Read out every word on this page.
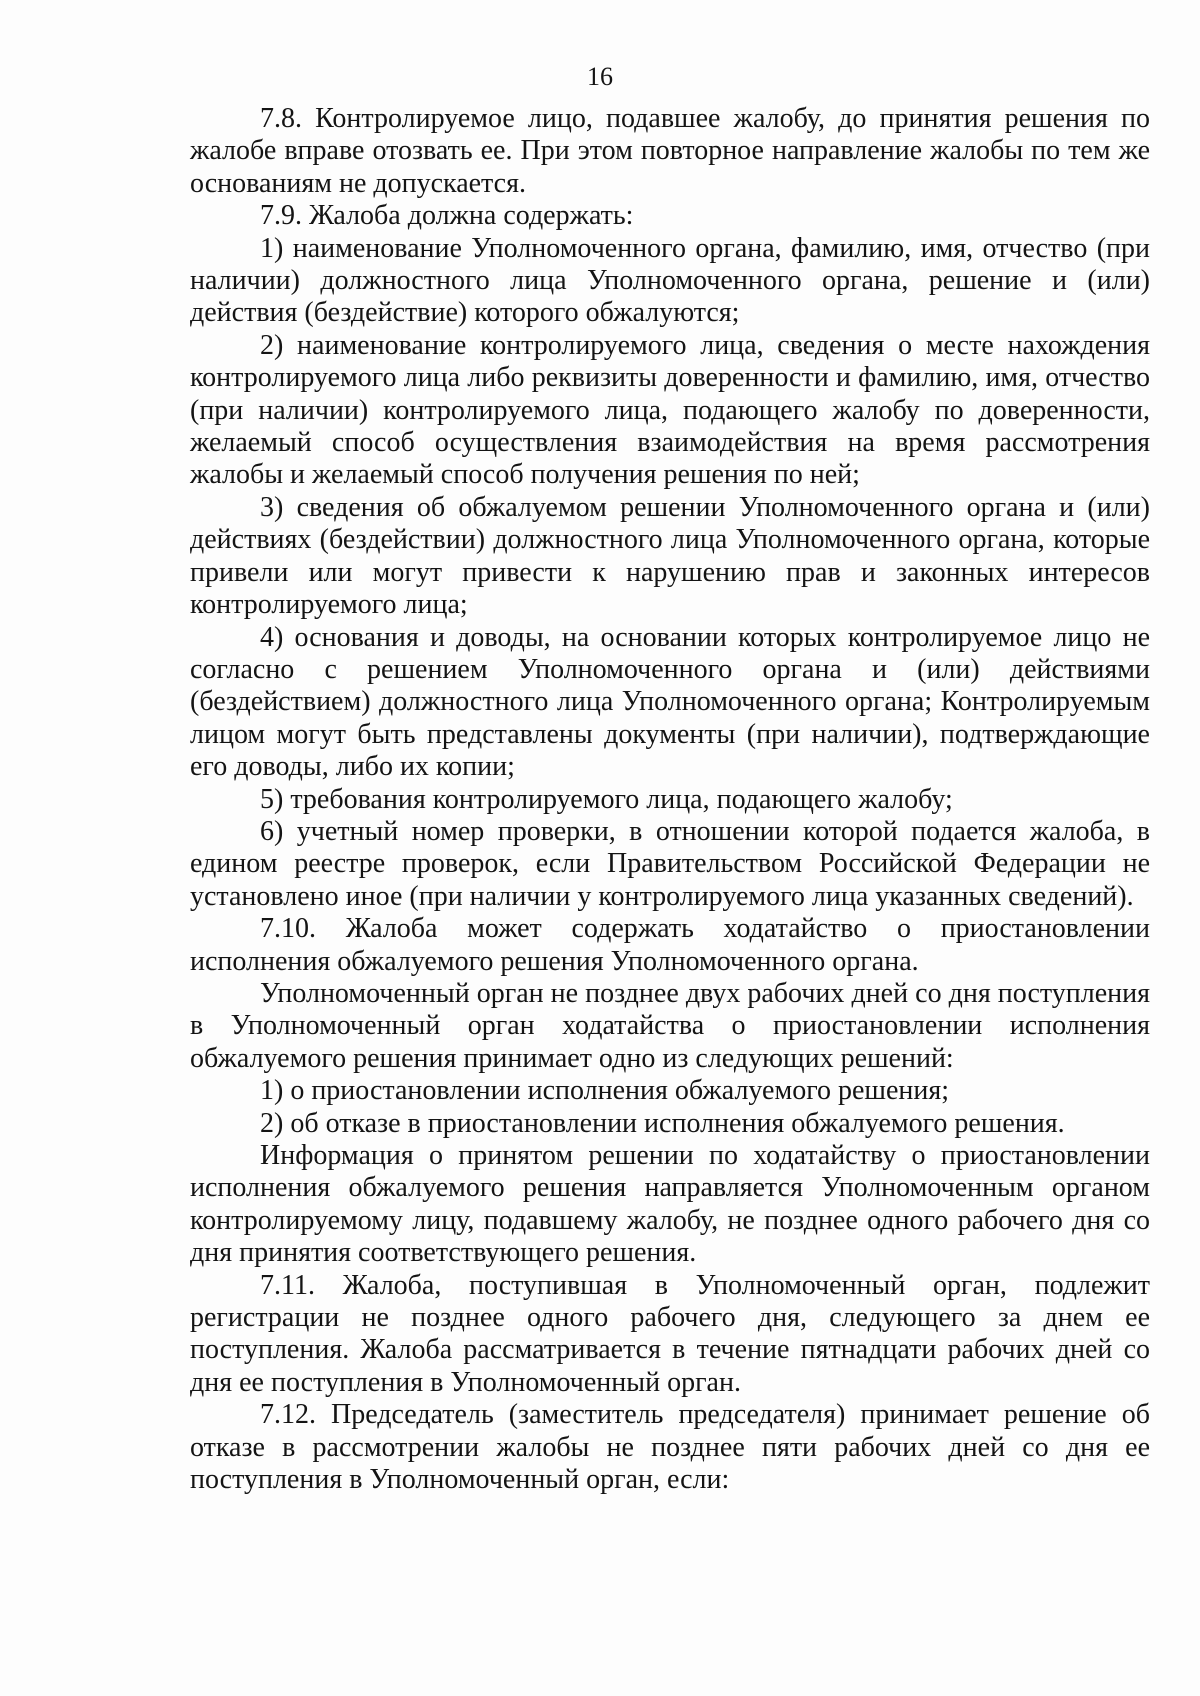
16

7.8. Контролируемое лицо, подавшее жалобу, до принятия решения по жалобе вправе отозвать ее. При этом повторное направление жалобы по тем же основаниям не допускается.

7.9. Жалоба должна содержать:

1) наименование Уполномоченного органа, фамилию, имя, отчество (при наличии) должностного лица Уполномоченного органа, решение и (или) действия (бездействие) которого обжалуются;

2) наименование контролируемого лица, сведения о месте нахождения контролируемого лица либо реквизиты доверенности и фамилию, имя, отчество (при наличии) контролируемого лица, подающего жалобу по доверенности, желаемый способ осуществления взаимодействия на время рассмотрения жалобы и желаемый способ получения решения по ней;

3) сведения об обжалуемом решении Уполномоченного органа и (или) действиях (бездействии) должностного лица Уполномоченного органа, которые привели или могут привести к нарушению прав и законных интересов контролируемого лица;

4) основания и доводы, на основании которых контролируемое лицо не согласно с решением Уполномоченного органа и (или) действиями (бездействием) должностного лица Уполномоченного органа; Контролируемым лицом могут быть представлены документы (при наличии), подтверждающие его доводы, либо их копии;

5) требования контролируемого лица, подающего жалобу;

6) учетный номер проверки, в отношении которой подается жалоба, в едином реестре проверок, если Правительством Российской Федерации не установлено иное (при наличии у контролируемого лица указанных сведений).

7.10. Жалоба может содержать ходатайство о приостановлении исполнения обжалуемого решения Уполномоченного органа.

Уполномоченный орган не позднее двух рабочих дней со дня поступления в Уполномоченный орган ходатайства о приостановлении исполнения обжалуемого решения принимает одно из следующих решений:

1) о приостановлении исполнения обжалуемого решения;

2) об отказе в приостановлении исполнения обжалуемого решения.

Информация о принятом решении по ходатайству о приостановлении исполнения обжалуемого решения направляется Уполномоченным органом контролируемому лицу, подавшему жалобу, не позднее одного рабочего дня со дня принятия соответствующего решения.

7.11. Жалоба, поступившая в Уполномоченный орган, подлежит регистрации не позднее одного рабочего дня, следующего за днем ее поступления. Жалоба рассматривается в течение пятнадцати рабочих дней со дня ее поступления в Уполномоченный орган.

7.12. Председатель (заместитель председателя) принимает решение об отказе в рассмотрении жалобы не позднее пяти рабочих дней со дня ее поступления в Уполномоченный орган, если:
